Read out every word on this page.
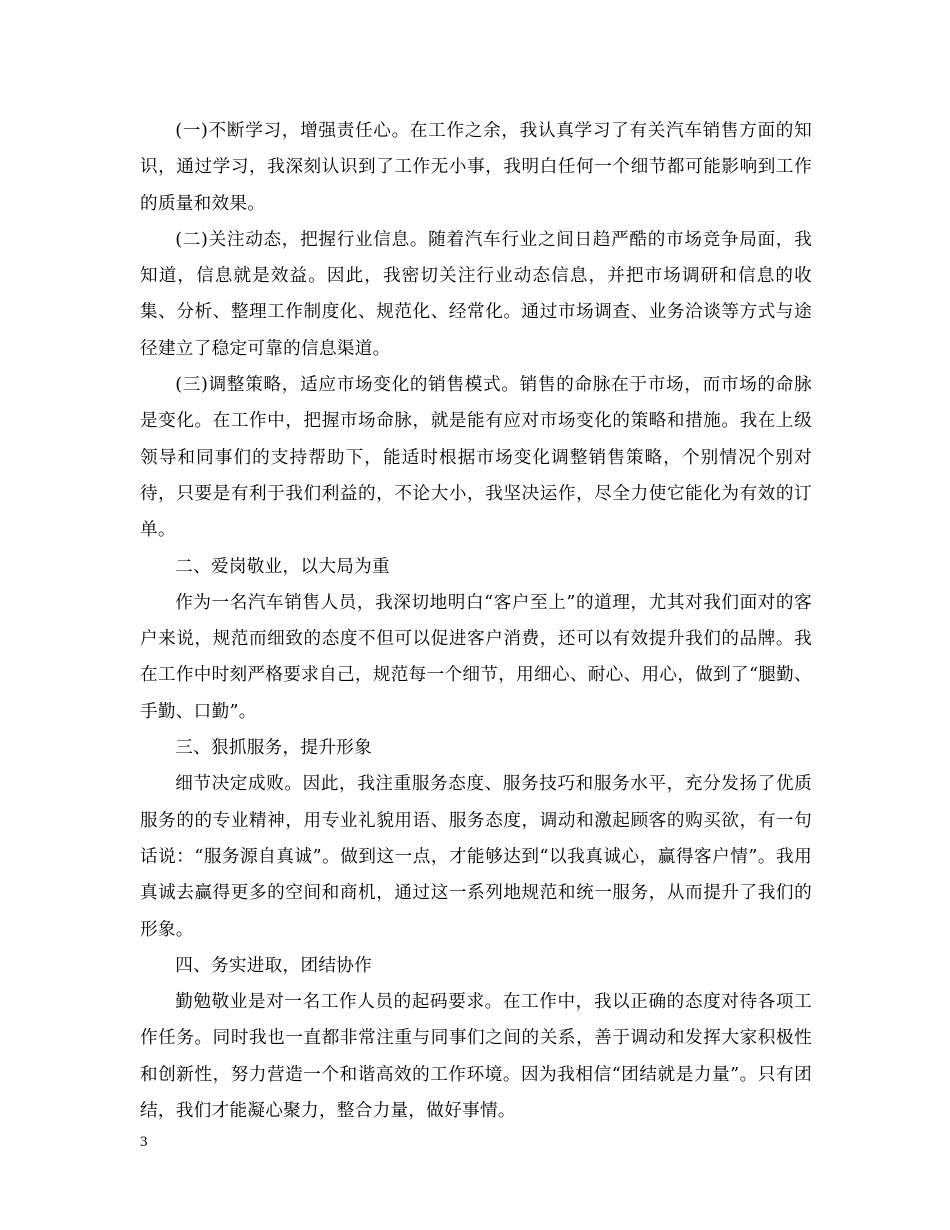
(一)不断学习，增强责任心。在工作之余，我认真学习了有关汽车销售方面的知识，通过学习，我深刻认识到了工作无小事，我明白任何一个细节都可能影响到工作的质量和效果。

(二)关注动态，把握行业信息。随着汽车行业之间日趋严酷的市场竞争局面，我知道，信息就是效益。因此，我密切关注行业动态信息，并把市场调研和信息的收集、分析、整理工作制度化、规范化、经常化。通过市场调查、业务洽谈等方式与途径建立了稳定可靠的信息渠道。

(三)调整策略，适应市场变化的销售模式。销售的命脉在于市场，而市场的命脉是变化。在工作中，把握市场命脉，就是能有应对市场变化的策略和措施。我在上级领导和同事们的支持帮助下，能适时根据市场变化调整销售策略，个别情况个别对待，只要是有利于我们利益的，不论大小，我坚决运作，尽全力使它能化为有效的订单。

二、爱岗敬业，以大局为重

作为一名汽车销售人员，我深切地明白“客户至上”的道理，尤其对我们面对的客户来说，规范而细致的态度不但可以促进客户消费，还可以有效提升我们的品牌。我在工作中时刻严格要求自己，规范每一个细节，用细心、耐心、用心，做到了“腿勤、手勤、口勤”。

三、狠抓服务，提升形象

细节决定成败。因此，我注重服务态度、服务技巧和服务水平，充分发扬了优质服务的的专业精神，用专业礼貌用语、服务态度，调动和激起顾客的购买欲，有一句话说：“服务源自真诚”。做到这一点，才能够达到“以我真诚心，赢得客户情”。我用真诚去赢得更多的空间和商机，通过这一系列地规范和统一服务，从而提升了我们的形象。

四、务实进取，团结协作

勤勉敬业是对一名工作人员的起码要求。在工作中，我以正确的态度对待各项工作任务。同时我也一直都非常注重与同事们之间的关系，善于调动和发挥大家积极性和创新性，努力营造一个和谐高效的工作环境。因为我相信“团结就是力量”。只有团结，我们才能凝心聚力，整合力量，做好事情。

3
